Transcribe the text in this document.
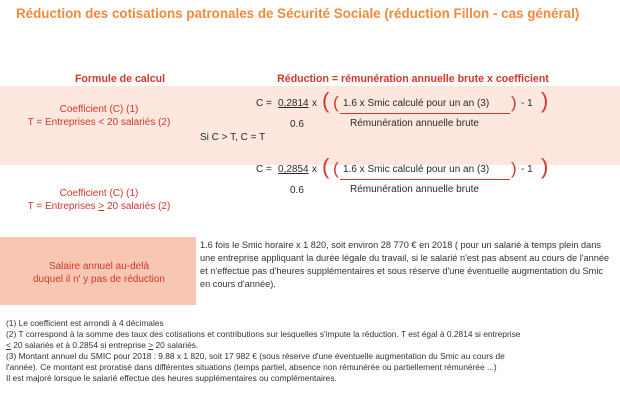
Réduction des cotisations patronales de Sécurité Sociale (réduction Fillon - cas général)
Formule de calcul	Réduction = rémunération annuelle brute x coefficient
Coefficient (C) (1)
T = Entreprises < 20 salariés (2)
C = 0,2814 x
0.6
( ( 1.6 x Smic calculé pour un an (3) ) - 1 )
Rémunération annuelle brute
Si C > T, C = T
Coefficient (C) (1)
T = Entreprises > 20 salariés (2)
C = 0,2854 x
0.6
( ( 1.6 x Smic calculé pour un an (3) ) - 1 )
Rémunération annuelle brute
Salaire annuel au-delà
duquel il n' y pas de réduction
1.6 fois le Smic horaire x 1 820, soit environ 28 770 € en 2018 ( pour un salarié à temps plein dans une entreprise appliquant la durée légale du travail, si le salarié n'est pas absent au cours de l'année et n'effectue pas d'heures supplémentaires et sous réserve d'une éventuelle augmentation du Smic en cours d'année).

(1) Le coefficient est arrondi à 4 décimales

(2) T correspond à la somme des taux des cotisations et contributions sur lesquelles s'impute la réduction. T est égal à 0.2814 si entreprise

< 20 salariés et à 0.2854 si entreprise > 20 salariés.

(3) Montant annuel du SMIC pour 2018 : 9.88 x 1 820, soit 17 982 € (sous réserve d'une éventuelle augmentation du Smic au cours de

l'année). Ce montant est proratisé dans différentes situations (temps partiel, absence non rémunérée ou partiellement rémunérée ...)

Il est majoré lorsque le salarié effectue des heures supplémentaires ou complémentaires.
